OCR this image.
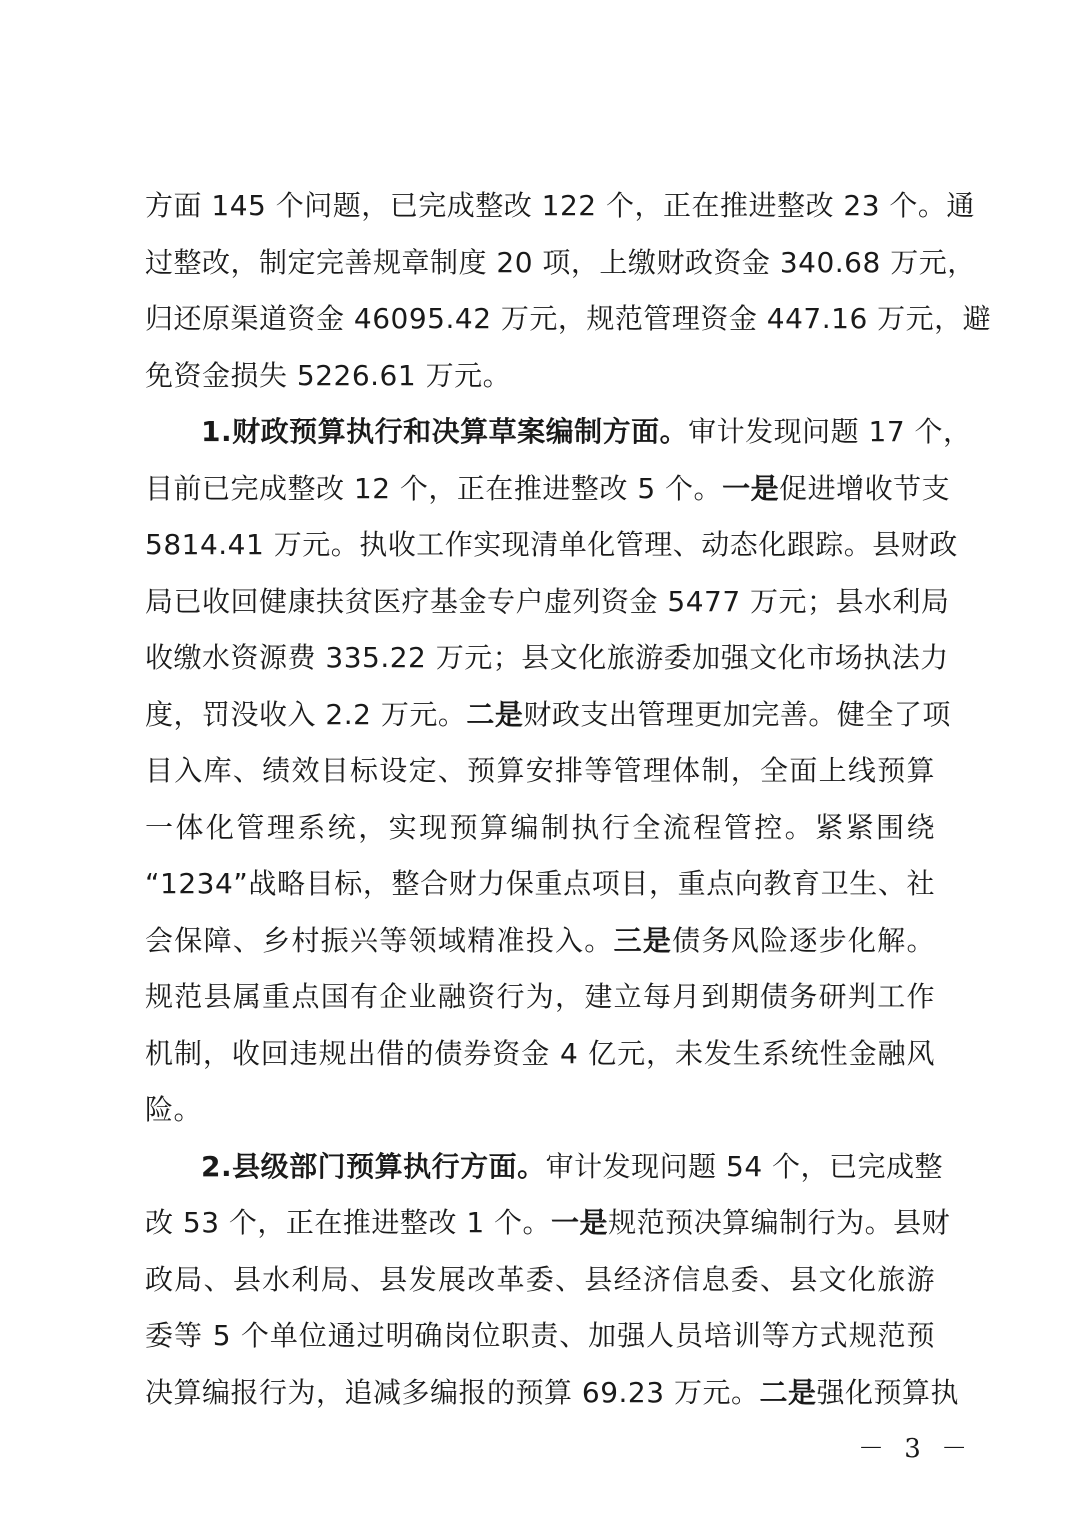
方面 145 个问题，已完成整改 122 个，正在推进整改 23 个。通
过整改，制定完善规章制度 20 项，上缴财政资金 340.68 万元，
归还原渠道资金 46095.42 万元，规范管理资金 447.16 万元，避
免资金损失 5226.61 万元。
1.财政预算执行和决算草案编制方面。审计发现问题 17 个，
目前已完成整改 12 个，正在推进整改 5 个。一是促进增收节支
5814.41 万元。执收工作实现清单化管理、动态化跟踪。县财政
局已收回健康扶贫医疗基金专户虚列资金 5477 万元；县水利局
收缴水资源费 335.22 万元；县文化旅游委加强文化市场执法力
度，罚没收入 2.2 万元。二是财政支出管理更加完善。健全了项
目入库、绩效目标设定、预算安排等管理体制，全面上线预算
一体化管理系统，实现预算编制执行全流程管控。紧紧围绕
“1234”战略目标，整合财力保重点项目，重点向教育卫生、社
会保障、乡村振兴等领域精准投入。三是债务风险逐步化解。
规范县属重点国有企业融资行为，建立每月到期债务研判工作
机制，收回违规出借的债券资金 4 亿元，未发生系统性金融风
险。
2.县级部门预算执行方面。审计发现问题 54 个，已完成整
改 53 个，正在推进整改 1 个。一是规范预决算编制行为。县财
政局、县水利局、县发展改革委、县经济信息委、县文化旅游
委等 5 个单位通过明确岗位职责、加强人员培训等方式规范预
决算编报行为，追减多编报的预算 69.23 万元。二是强化预算执
－ 3 －
